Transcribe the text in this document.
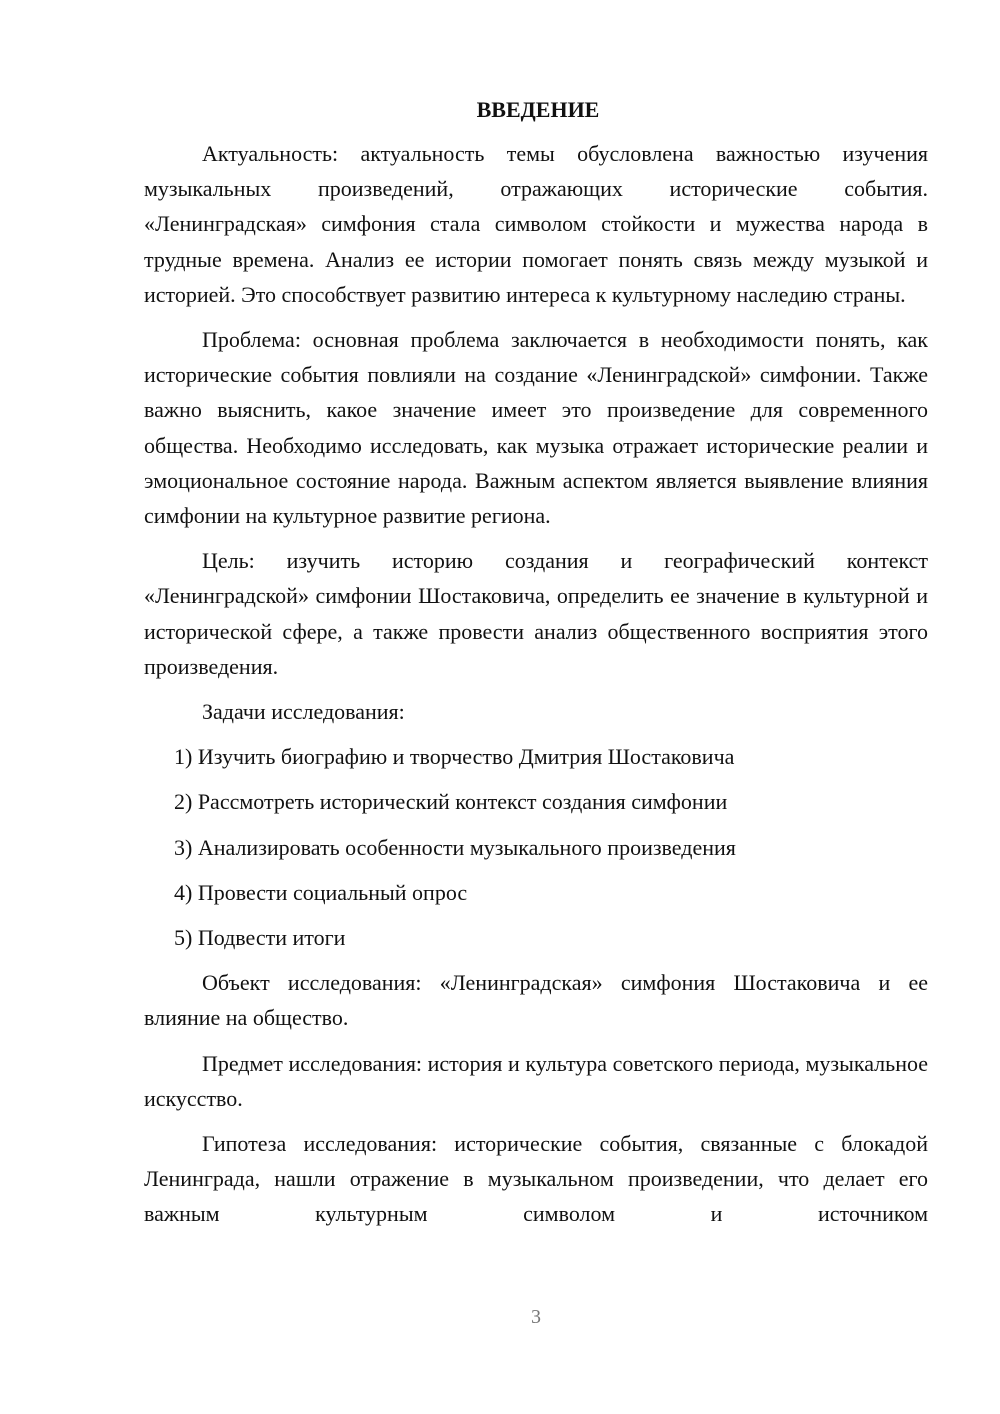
ВВЕДЕНИЕ

Актуальность: актуальность темы обусловлена важностью изучения музыкальных произведений, отражающих исторические события. «Ленинградская» симфония стала символом стойкости и мужества народа в трудные времена. Анализ ее истории помогает понять связь между музыкой и историей. Это способствует развитию интереса к культурному наследию страны.

Проблема: основная проблема заключается в необходимости понять, как исторические события повлияли на создание «Ленинградской» симфонии. Также важно выяснить, какое значение имеет это произведение для современного общества. Необходимо исследовать, как музыка отражает исторические реалии и эмоциональное состояние народа. Важным аспектом является выявление влияния симфонии на культурное развитие региона.

Цель: изучить историю создания и географический контекст «Ленинградской» симфонии Шостаковича, определить ее значение в культурной и исторической сфере, а также провести анализ общественного восприятия этого произведения.

Задачи исследования:

1) Изучить биографию и творчество Дмитрия Шостаковича
2) Рассмотреть исторический контекст создания симфонии
3) Анализировать особенности музыкального произведения
4) Провести социальный опрос
5) Подвести итоги

Объект исследования: «Ленинградская» симфония Шостаковича и ее влияние на общество.

Предмет исследования: история и культура советского периода, музыкальное искусство.

Гипотеза исследования: исторические события, связанные с блокадой Ленинграда, нашли отражение в музыкальном произведении, что делает его важным культурным символом и источником

3
